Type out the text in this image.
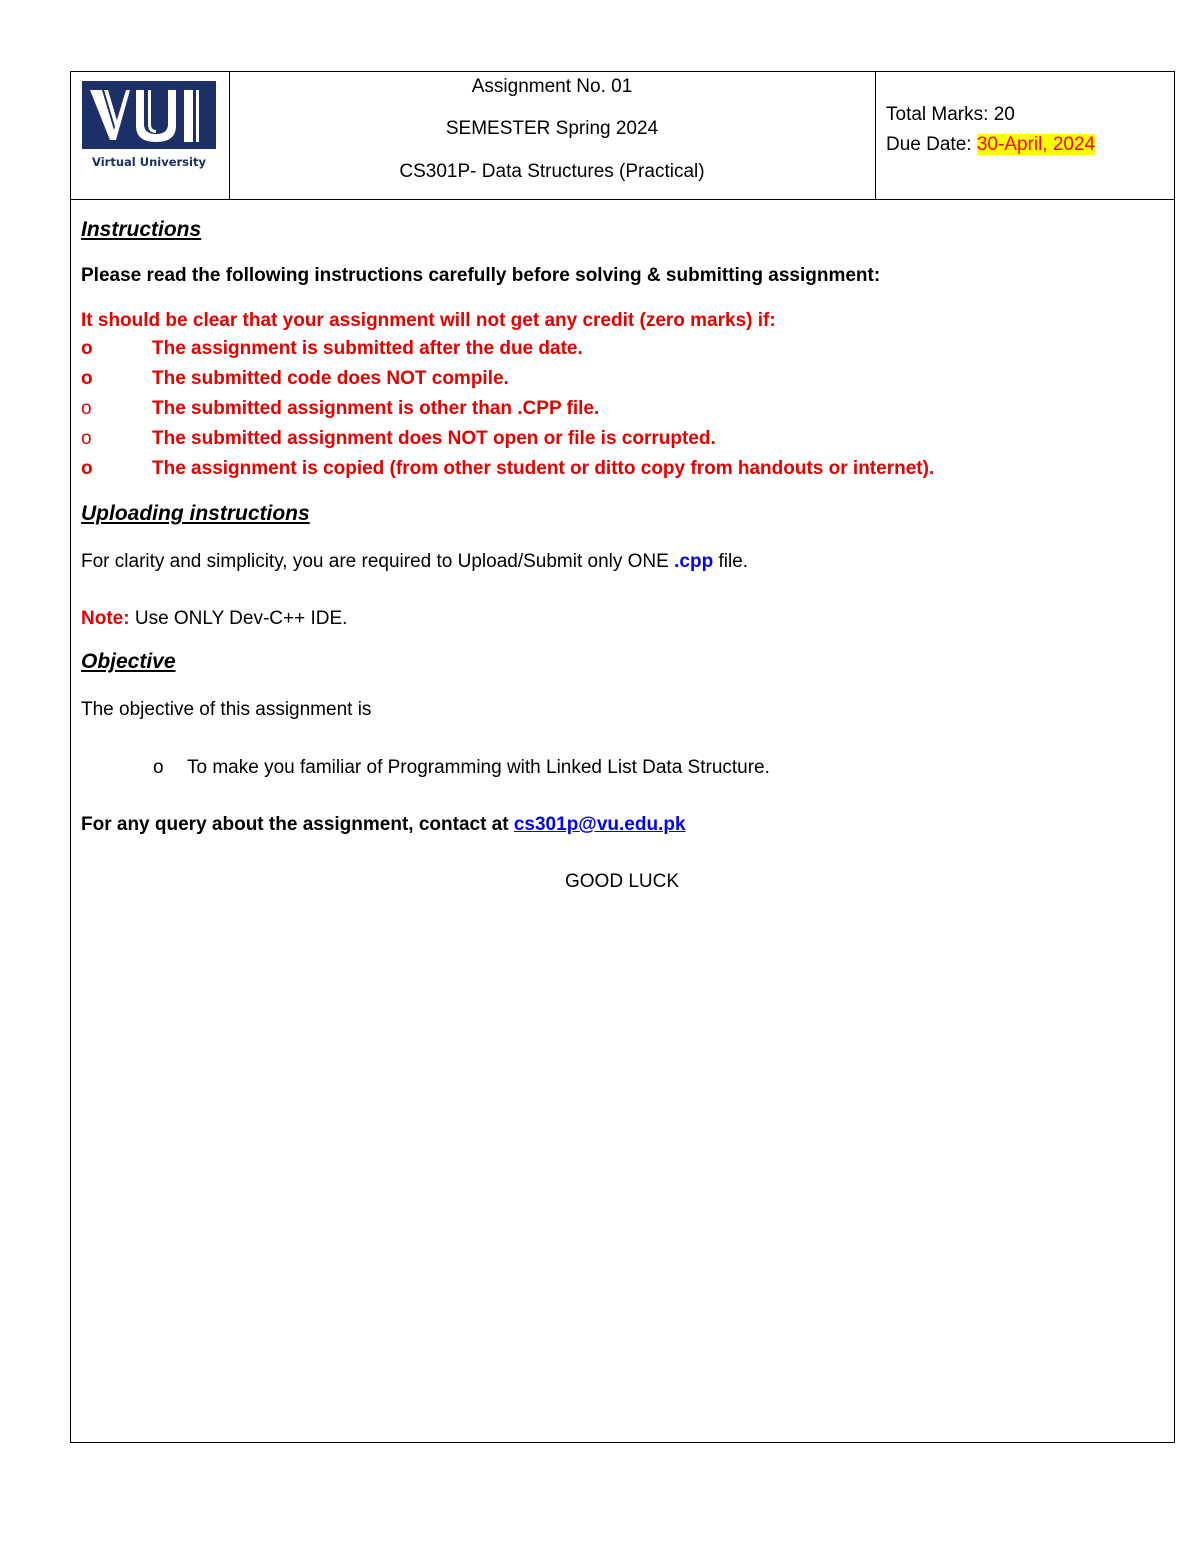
Virtual University
Assignment No. 01
SEMESTER Spring 2024
CS301P- Data Structures (Practical)
Total Marks: 20
Due Date: 30-April, 2024
Instructions
Please read the following instructions carefully before solving & submitting assignment:
It should be clear that your assignment will not get any credit (zero marks) if:
o	The assignment is submitted after the due date.
o	The submitted code does NOT compile.
o	The submitted assignment is other than .CPP file.
o	The submitted assignment does NOT open or file is corrupted.
o	The assignment is copied (from other student or ditto copy from handouts or internet).
Uploading instructions
For clarity and simplicity, you are required to Upload/Submit only ONE .cpp file.
Note: Use ONLY Dev-C++ IDE.
Objective
The objective of this assignment is
o To make you familiar of Programming with Linked List Data Structure.
For any query about the assignment, contact at cs301p@vu.edu.pk
GOOD LUCK
